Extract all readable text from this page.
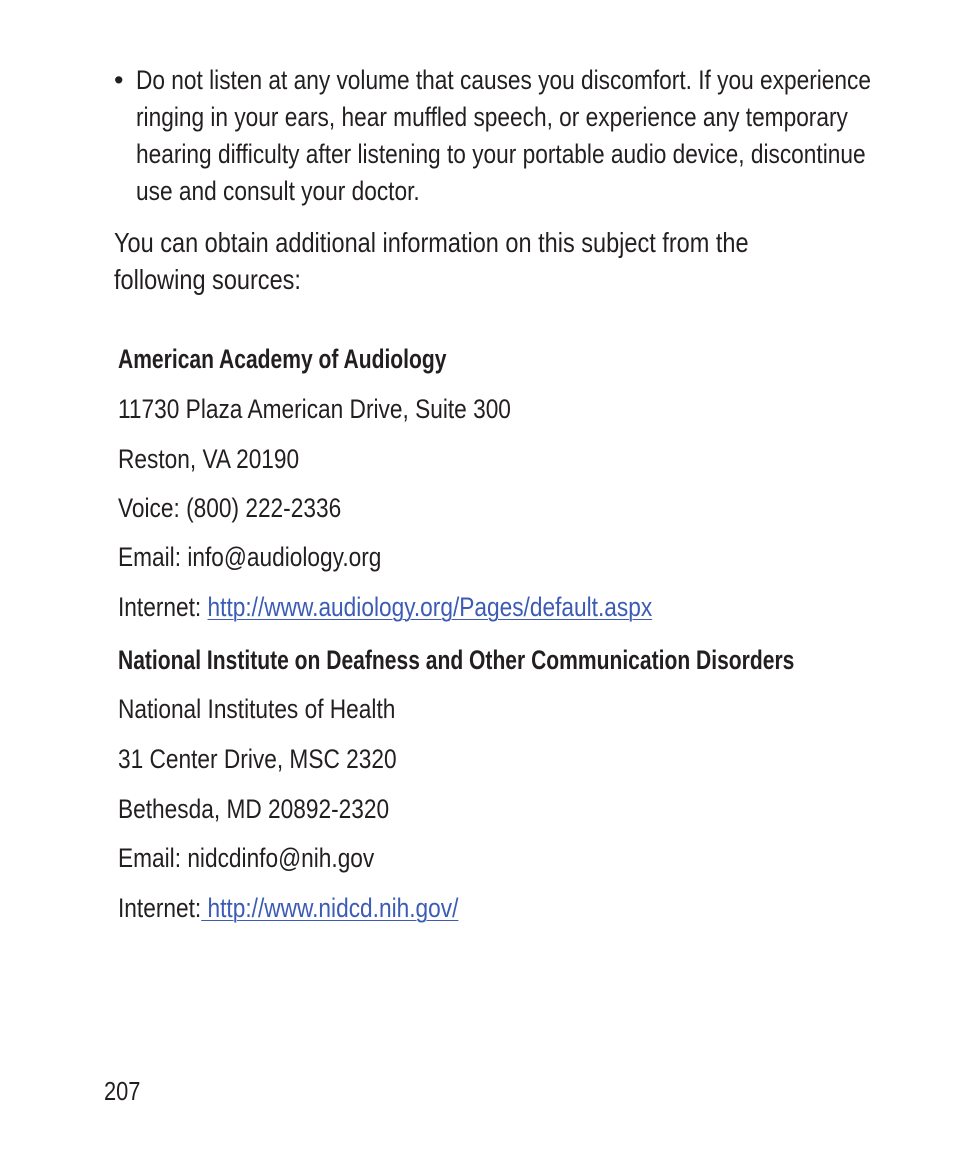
• Do not listen at any volume that causes you discomfort. If you experience
ringing in your ears, hear muffled speech, or experience any temporary
hearing difficulty after listening to your portable audio device, discontinue
use and consult your doctor.
You can obtain additional information on this subject from the
following sources:
American Academy of Audiology
11730 Plaza American Drive, Suite 300
Reston, VA 20190
Voice: (800) 222-2336
Email: info@audiology.org
Internet: http://www.audiology.org/Pages/default.aspx
National Institute on Deafness and Other Communication Disorders
National Institutes of Health
31 Center Drive, MSC 2320
Bethesda, MD 20892-2320
Email: nidcdinfo@nih.gov
Internet: http://www.nidcd.nih.gov/
207
